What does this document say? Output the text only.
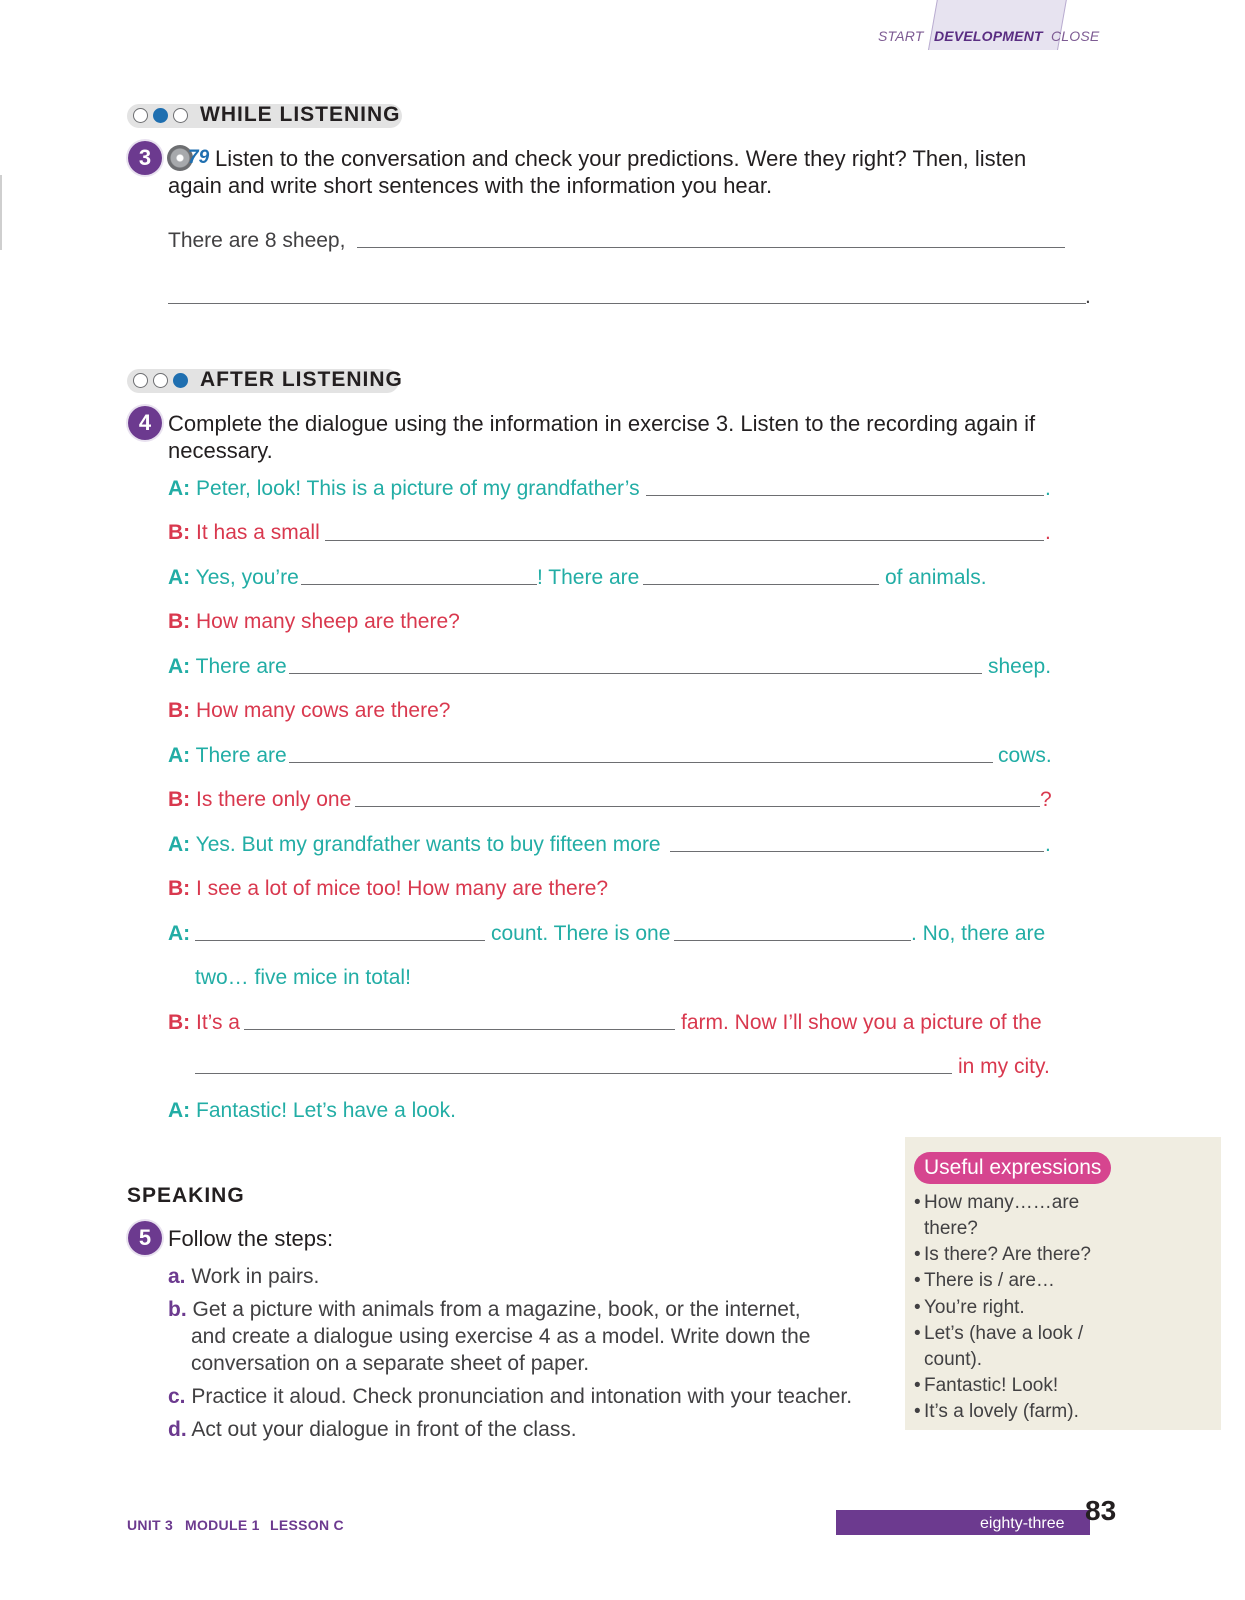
START DEVELOPMENT CLOSE
WHILE LISTENING
3	79 Listen to the conversation and check your predictions. Were they right? Then, listen
again and write short sentences with the information you hear.
There are 8 sheep,
.
AFTER LISTENING
4 Complete the dialogue using the information in exercise 3. Listen to the recording again if
necessary.
A: Peter, look! This is a picture of my grandfather’s	.
B: It has a small	.
A: Yes, you’re	! There are	of animals.
B: How many sheep are there?
A: There are	sheep.
B: How many cows are there?
A: There are	cows.
B: Is there only one	?
A: Yes. But my grandfather wants to buy fifteen more	.
B: I see a lot of mice too! How many are there?
A:	count. There is one	. No, there are
two… five mice in total!
B: It’s a	farm. Now I’ll show you a picture of the
in my city.
A: Fantastic! Let’s have a look.
SPEAKING
5 Follow the steps:
a. Work in pairs.
b. Get a picture with animals from a magazine, book, or the internet,
and create a dialogue using exercise 4 as a model. Write down the
conversation on a separate sheet of paper.
c. Practice it aloud. Check pronunciation and intonation with your teacher.
d. Act out your dialogue in front of the class.
Useful expressions
• How many……are
there?
• Is there? Are there?
• There is / are…
• You’re right.
• Let’s (have a look /
count).
• Fantastic! Look!
• It’s a lovely (farm).
UNIT 3 MODULE 1 LESSON C	eighty-three 83
